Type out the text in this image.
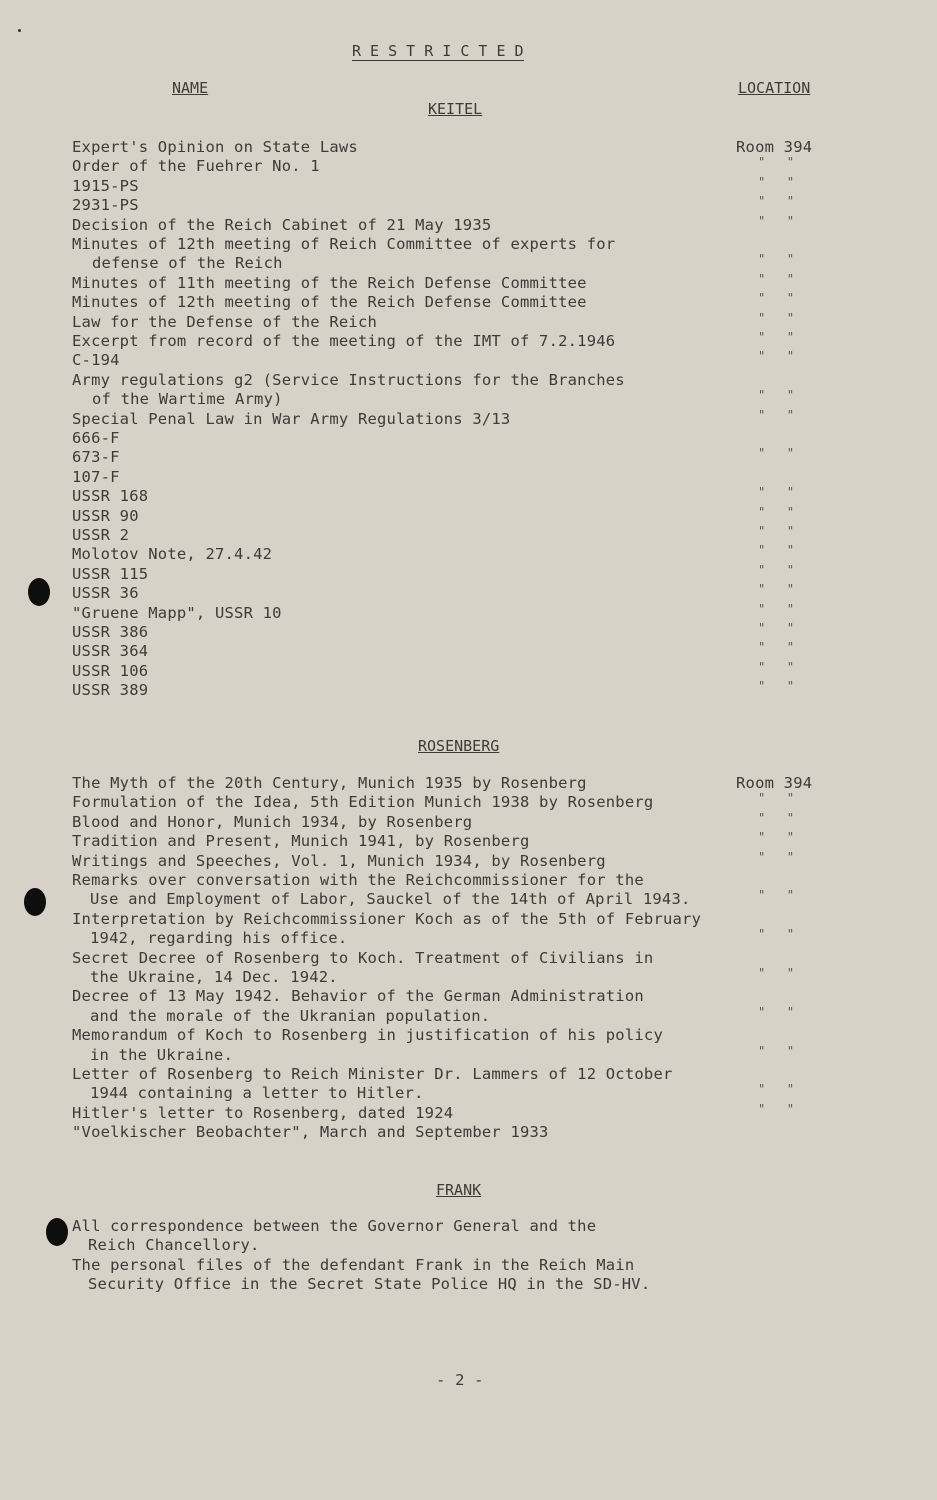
R E S T R I C T E D
NAME	LOCATION
KEITEL
Expert's Opinion on State Laws	Room 394
Order of the Fuehrer No. 1	"   "
1915-PS	"   "
2931-PS	"   "
Decision of the Reich Cabinet of 21 May 1935	"   "
Minutes of 12th meeting of Reich Committee of experts for
defense of the Reich	"   "
Minutes of 11th meeting of the Reich Defense Committee	"   "
Minutes of 12th meeting of the Reich Defense Committee	"   "
Law for the Defense of the Reich	"   "
Excerpt from record of the meeting of the IMT of 7.2.1946	"   "
C-194	"   "
Army regulations g2 (Service Instructions for the Branches
of the Wartime Army)	"   "
Special Penal Law in War Army Regulations 3/13	"   "
666-F
673-F	"   "
107-F
USSR 168	"   "
USSR 90	"   "
USSR 2	"   "
Molotov Note, 27.4.42	"   "
USSR 115	"   "
USSR 36	"   "
"Gruene Mapp", USSR 10	"   "
USSR 386	"   "
USSR 364	"   "
USSR 106	"   "
USSR 389	"   "
ROSENBERG
The Myth of the 20th Century, Munich 1935 by Rosenberg	Room 394
Formulation of the Idea, 5th Edition Munich 1938 by Rosenberg	"   "
Blood and Honor, Munich 1934, by Rosenberg	"   "
Tradition and Present, Munich 1941, by Rosenberg	"   "
Writings and Speeches, Vol. 1, Munich 1934, by Rosenberg	"   "
Remarks over conversation with the Reichcommissioner for the
Use and Employment of Labor, Sauckel of the 14th of April 1943.	"   "
Interpretation by Reichcommissioner Koch as of the 5th of February
1942, regarding his office.	"   "
Secret Decree of Rosenberg to Koch. Treatment of Civilians in
the Ukraine, 14 Dec. 1942.	"   "
Decree of 13 May 1942. Behavior of the German Administration
and the morale of the Ukranian population.	"   "
Memorandum of Koch to Rosenberg in justification of his policy
in the Ukraine.	"   "
Letter of Rosenberg to Reich Minister Dr. Lammers of 12 October
1944 containing a letter to Hitler.	"   "
Hitler's letter to Rosenberg, dated 1924	"   "
"Voelkischer Beobachter", March and September 1933
FRANK
All correspondence between the Governor General and the
Reich Chancellory.
The personal files of the defendant Frank in the Reich Main
Security Office in the Secret State Police HQ in the SD-HV.
- 2 -
